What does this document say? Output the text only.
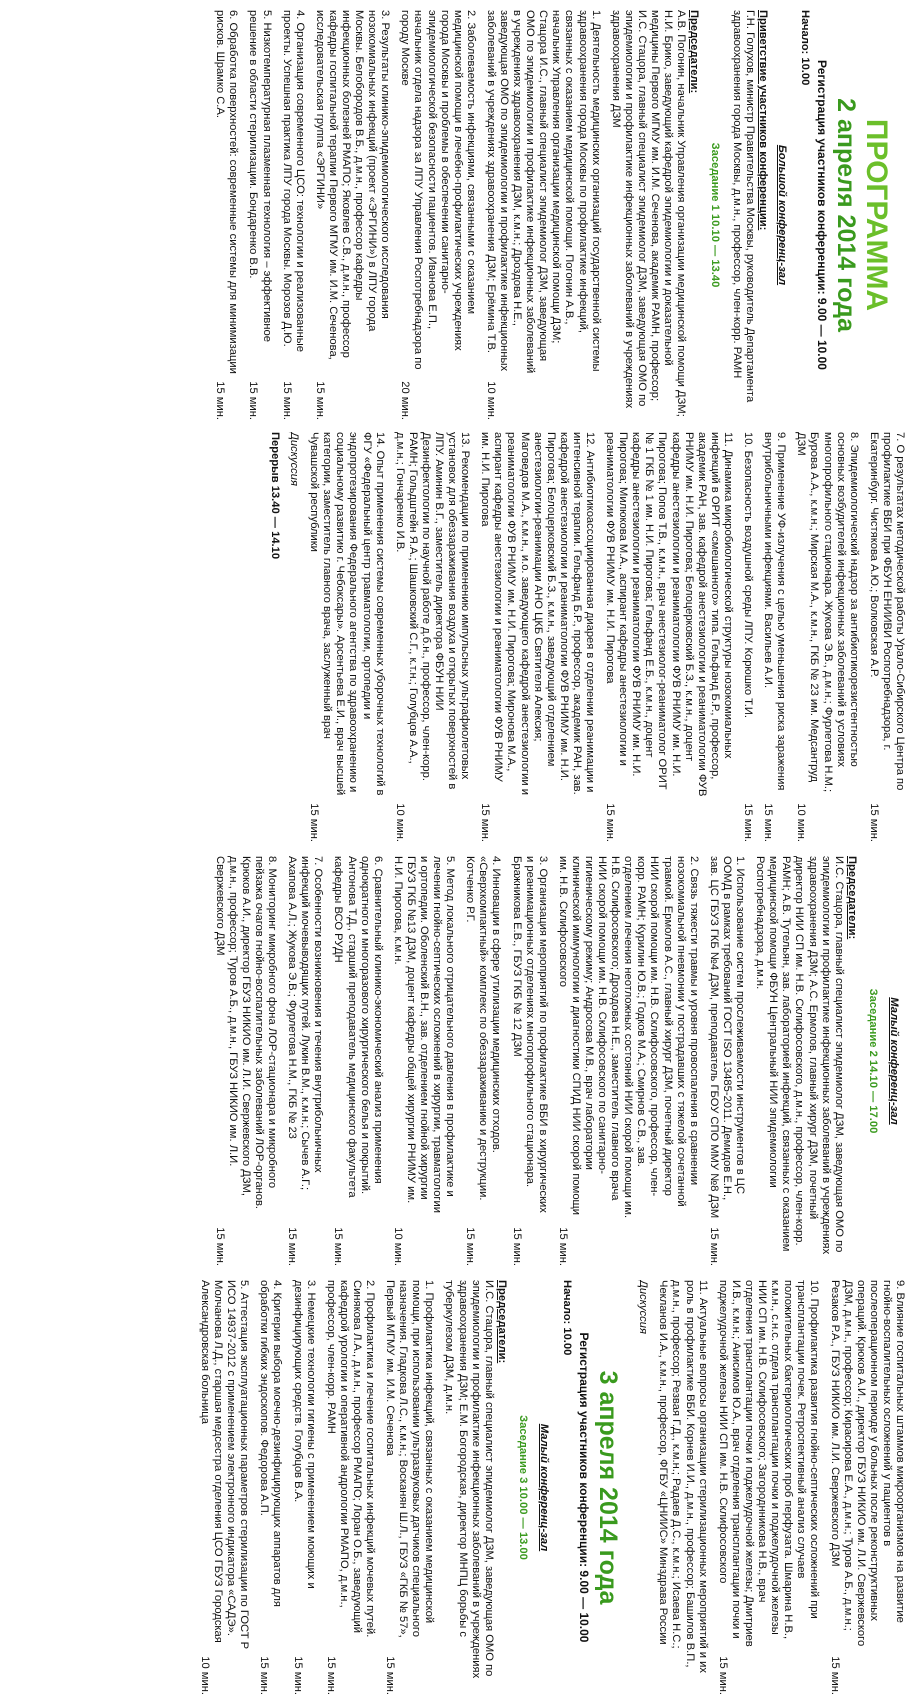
ПРОГРАММА
2 апреля 2014 года
Регистрация участников конференции: 9.00 — 10.00
Начало: 10.00
Большой конференц-зал

Приветствие участников конференции:
Г.Н. Голухов, министр Правительства Москвы, руководитель Департамента здравоохранения города Москвы, д.м.н., профессор, член-корр. РАМН

Заседание 1 10.10 — 13.40

Председатели:
А.В. Погонин, начальник Управления организации медицинской помощи ДЗМ; Н.И. Брико, заведующий кафедрой эпидемиологии и доказательной медицины Первого МГМУ им. И.М. Сеченова, академик РАМН, профессор; И.С. Стацора, главный специалист эпидемиолог ДЗМ, заведующая ОМО по эпидемиологии и профилактике инфекционных заболеваний в учреждениях здравоохранения ДЗМ

1. Деятельность медицинских организаций государственной системы здравоохранения города Москвы по профилактике инфекций, связанных с оказанием медицинской помощи. Погонин А.В., начальник Управления организации медицинской помощи ДЗМ; Стацора И.С., главный специалист эпидемиолог ДЗМ, заведующая ОМО по эпидемиологии и профилактике инфекционных заболеваний в учреждениях здравоохранения ДЗМ, к.м.н.; Дроздова Н.Е., заведующая ОМО по эпидемиологии и профилактике инфекционных заболеваний в учреждениях здравоохранения ДЗМ; Ерёмина Т.В.
10 мин.
2. Заболеваемость инфекциями, связанными с оказанием медицинской помощи в лечебно-профилактических учреждениях города Москвы и проблемы в обеспечении санитарно-эпидемиологической безопасности пациентов. Иванова Е.П., начальник отдела надзора за ЛПУ Управления Роспотребнадзора по городу Москве
20 мин.
3. Результаты клинико-эпидемиологического исследования нозокомиальных инфекций (проект «ЭРГИНИ») в ЛПУ города Москвы. Белобородов В.Б., д.м.н., профессор кафедры инфекционных болезней РМАПО; Яковлев С.В., д.м.н., профессор кафедры госпитальной терапии Первого МГМУ им. И.М. Сеченова, исследовательская группа «ЭРГИНИ»
15 мин.
4. Организация современного ЦСО: технологии и реализованные проекты. Успешная практика ЛПУ города Москвы. Морозов Д.Ю.
15 мин.
5. Низкотемпературная плазменная технология – эффективное решение в области стерилизации. Бондаренко В.В.
15 мин.
6. Обработка поверхностей: современные системы для минимизации рисков. Шрамко С.А.
15 мин.
7. О результатах методической работы Урало-Сибирского Центра по профилактике ВБИ при ФБУН ЕНИИВИ Роспотребнадзора, г. Екатеринбург. Чистякова А.Ю.; Волковская А.Р.
15 мин.
8. Эпидемиологический надзор за антибиотикорезистентностью основных возбудителей инфекционных заболеваний в условиях многопрофильного стационара. Жукова Э.В., д.м.н.; Фурлетова Н.М.; Бурова А.А., к.м.н.; Мирская М.А., к.м.н., ГКБ № 23 им. Медсантруд ДЗМ
10 мин.
9. Применение УФ-излучения с целью уменьшения риска заражения внутрибольничными инфекциями. Васильев А.И.
15 мин.
10. Безопасность воздушной среды ЛПУ. Корюшко Т.И.
15 мин.
11. Динамика микробиологической структуры нозокомиальных инфекций в ОРИТ «смешанного» типа. Гельфанд Б.Р., профессор, академик РАН, зав. кафедрой анестезиологии и реаниматологии ФУВ РНИМУ им. Н.И. Пирогова; Белоцерковский Б.З., к.м.н., доцент кафедры анестезиологии и реаниматологии ФУВ РНИМУ им. Н.И. Пирогова; Попов Т.В., к.м.н., врач анестезиолог-реаниматолог ОРИТ № 1 ГКБ № 1 им. Н.И. Пирогова; Гельфанд Е.Б., к.м.н., доцент кафедры анестезиологии и реаниматологии ФУВ РНИМУ им. Н.И. Пирогова; Милюкова М.А., аспирант кафедры анестезиологии и реаниматологии ФУВ РНИМУ им. Н.И. Пирогова
15 мин.
12. Антибиотикоассоциированная диарея в отделении реанимации и интенсивной терапии. Гельфанд Б.Р., профессор, академик РАН, зав. кафедрой анестезиологии и реаниматологии ФУВ РНИМУ им. Н.И. Пирогова; Белоцерковский Б.З., к.м.н., заведующий отделением анестезиологии-реанимации АНО ЦКБ Святителя Алексия; Маговедов М.А., к.м.н., и.о. заведующего кафедрой анестезиологии и реаниматологии ФУВ РНИМУ им. Н.И. Пирогова; Миронова М.А., аспирант кафедры анестезиологии и реаниматологии ФУВ РНИМУ им. Н.И. Пирогова
15 мин.
13. Рекомендации по применению импульсных ультрафиолетовых установок для обеззараживания воздуха и открытых поверхностей в ЛПУ. Аминин В.Г., заместитель директора ФБУН НИИ Дезинфектологии по научной работе д.б.н., профессор, член-корр. РАМН; Гольдштейн Я.А.; Шашковский С.Г., к.т.н.; Голубцов А.А., д.м.н.; Гончаренко И.В.
10 мин.
14. Опыт применения системы современных уборочных технологий в ФГУ «Федеральный центр травматологии, ортопедии и эндопротезирования Федерального агентства по здравоохранению и социальному развитию г. Чебоксары». Арсентьева Е.И., врач высшей категории, заместитель главного врача, заслуженный врач Чувашской республики
15 мин.
Дискуссия
Перерыв 13.40 — 14.10
Малый конференц-зал
Заседание 2 14.10 — 17.00

Председатели:
И.С. Стацора, главный специалист эпидемиолог ДЗМ, заведующая ОМО по эпидемиологии и профилактике инфекционных заболеваний в учреждениях здравоохранения ДЗМ; А.С. Ермолов, главный хирург ДЗМ, почетный директор НИИ СП им. Н.В. Склифосовского, д.м.н., профессор, член-корр. РАМН; А.В. Тутельян, зав. лабораторией инфекций, связанных с оказанием медицинской помощи ФБУН Центральный НИИ эпидемиологии Роспотребнадзора, д.м.н.

1. Использование систем прослеживаемости инструментов в ЦС ООМД в рамках требований ГОСТ ISO 13485-2011. Демидов Е.Н., зав. ЦС ГБУЗ ГКБ №4 ДЗМ, преподаватель ГБОУ СПО ММУ №8 ДЗМ
15 мин.
2. Связь тяжести травмы и уровня провоспаления в сравнении нозокомиальной пневмонии у пострадавших с тяжелой сочетанной травмой. Ермолов А.С., главный хирург ДЗМ, почетный директор НИИ скорой помощи им. Н.В. Склифосовского, профессор, член-корр. РАМН; Курилин Ю.В.; Годков М.А.; Смирнов С.В., зав. отделением лечения неотложных состояний НИИ скорой помощи им. Н.В. Склифосовского; Дроздова Н.Е., заместитель главного врача НИИ скорой помощи им. Н.В. Склифосовского по санитарно-гигиеническому режиму; Андросова М.В., врач лаборатории клинической иммунологии и диагностики СПИД НИИ скорой помощи им. Н.В. Склифосовского
15 мин.
3. Организация мероприятий по профилактике ВБИ в хирургических и реанимационных отделениях многопрофильного стационара. Бражникова Е.В., ГБУЗ ГКБ № 12 ДЗМ
15 мин.
4. Инновации в сфере утилизации медицинских отходов. «Сверхкомпактный» комплекс по обеззараживанию и деструкции. Котченко Р.Г.
15 мин.
5. Метод локального отрицательного давления в профилактике и лечении гнойно-септических осложнений в хирургии, травматологии и ортопедии. Оболенский В.Н., зав. отделением гнойной хирургии ГБУЗ ГКБ №13 ДЗМ, доцент кафедры общей хирургии РНИМУ им. Н.И. Пирогова, к.м.н.
10 мин.
6. Сравнительный клинико-экономический анализ применения однократного и многоразового хирургического белья и покрытий. Антонова Т.Д., старший преподаватель медицинского факультета кафедры ВСО РУДН
15 мин.
7. Особенности возникновения и течения внутрибольничных инфекций мочевыводящих путей. Лукин В.М., к.м.н.; Сычев А.Г.; Ахапова А.Л.; Жукова Э.В.; Фурлетова Н.М., ГКБ № 23
15 мин.
8. Мониторинг микробного фона ЛОР-стационара и микробного пейзажа очагов гнойно-воспалительных заболеваний ЛОР-органов. Крюков А.И., директор ГБУЗ НИКИО им. Л.И. Свержевского ДЗМ, д.м.н., профессор; Туров А.Б., д.м.н., ГБУЗ НИКИО им. Л.И. Свержевского ДЗМ
15 мин.
9. Влияние госпитальных штаммов микроорганизмов на развитие гнойно-воспалительных осложнений у пациентов в послеоперационном периоде у больных после реконструктивных операций. Крюков А.И., директор ГБУЗ НИКИО им. Л.И. Свержевского ДЗМ, д.м.н., профессор; Кирасирова Е.А., д.м.н.; Туров А.Б., д.м.н.; Резаков Р.А., ГБУЗ НИКИО им. Л.И. Свержевского ДЗМ
15 мин.
10. Профилактика развития гнойно-септических осложнений при трансплантации почек. Ретроспективный анализ случаев положительных бактериологических проб перфузата. Шмарина Н.В., к.м.н., с.н.с. отдела трансплантации почки и поджелудочной железы НИИ СП им. Н.В. Склифосовского; Загороднникова Н.В., врач отделения трансплантации почки и поджелудочной железы; Дмитриев И.В., к.м.н.; Анисимов Ю.А., врач отделения трансплантации почки и поджелудочной железы НИИ СП им. Н.В. Склифосовского
15 мин.
11. Актуальные вопросы организации стерилизационных мероприятий и их роль в профилактике ВБИ. Корнев И.И., д.м.н., профессор; Башилов В.П., д.м.н., профессор; Резвая Г.Д., к.м.н.; Радаев Д.С., к.м.н.; Исаева Н.С.; Чекланов И.А., к.м.н., профессор, ФГБУ «ЦНИИС» Минздрава России
Дискуссия
3 апреля 2014 года
Регистрация участников конференции: 9.00 — 10.00
Начало: 10.00
Малый конференц-зал
Заседание 3 10.00 — 13.00

Председатели:
И.С. Стацора, главный специалист эпидемиолог ДЗМ, заведующая ОМО по эпидемиологии и профилактике инфекционных заболеваний в учреждениях здравоохранения ДЗМ; Е.М. Богородская, директор МНПЦ борьбы с туберкулезом ДЗМ, д.м.н.

1. Профилактика инфекций, связанных с оказанием медицинской помощи, при использовании ультразвуковых датчиков специального назначения. Гладкова Л.С., к.м.н.; Восканян Ш.Л., ГБУЗ «ГКБ № 57», Первый МГМУ им. И.М. Сеченова
15 мин.
2. Профилактика и лечение госпитальных инфекций мочевых путей. Синякова Л.А., д.м.н., профессор РМАПО; Лоран О.Б., заведующий кафедрой урологии и оперативной андрологии РМАПО, д.м.н., профессор, член-корр. РАМН
15 мин.
3. Немецкие технологии гигиены с применением моющих и дезинфицирующих средств. Голубцов В.А.
15 мин.
4. Критерии выбора моечно-дезинфицирующих аппаратов для обработки гибких эндоскопов. Федорова А.П.
15 мин.
5. Аттестация эксплуатационных параметров стерилизации по ГОСТ Р ИСО 14937-2012 с применением электронного индикатора «САДЭ». Молчанова Л.Д., старшая медсестра отделения ЦСО ГБУЗ Городская Александровская больница
10 мин.
